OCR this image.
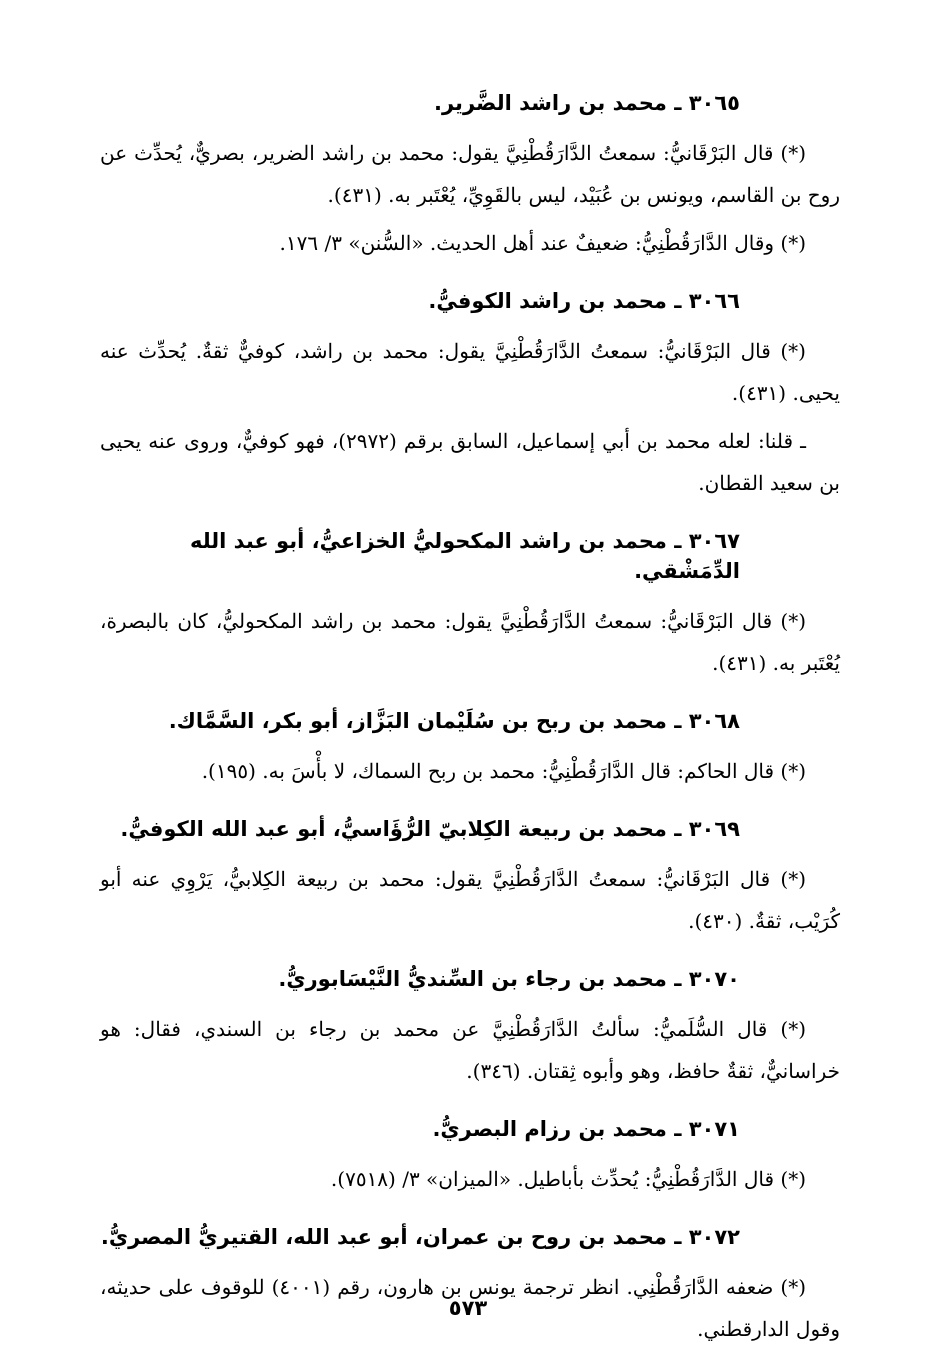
٣٠٦٥ ـ محمد بن راشد الضَّرير.

(*) قال البَرْقَانيُّ: سمعتُ الدَّارَقُطْنِيَّ يقول: محمد بن راشد الضرير، بصريٌّ، يُحدِّث عن روح بن القاسم، ويونس بن عُبَيْد، ليس بالقَوِيِّ، يُعْتَبر به. (٤٣١).

(*) وقال الدَّارَقُطْنِيُّ: ضعيفٌ عند أهل الحديث. «السُّنن» ٣/ ١٧٦.

٣٠٦٦ ـ محمد بن راشد الكوفيُّ.

(*) قال البَرْقَانيُّ: سمعتُ الدَّارَقُطْنِيَّ يقول: محمد بن راشد، كوفيٌّ ثقةٌ. يُحدِّث عنه يحيى. (٤٣١).

ـ قلنا: لعله محمد بن أبي إسماعيل، السابق برقم (٢٩٧٢)، فهو كوفيٌّ، وروى عنه يحيى بن سعيد القطان.

٣٠٦٧ ـ محمد بن راشد المكحوليُّ الخزاعيُّ، أبو عبد الله الدِّمَشْقي.

(*) قال البَرْقَانيُّ: سمعتُ الدَّارَقُطْنِيَّ يقول: محمد بن راشد المكحوليُّ، كان بالبصرة، يُعْتَبر به. (٤٣١).

٣٠٦٨ ـ محمد بن ربح بن سُلَيْمان البَزَّاز، أبو بكر، السَّمَّاك.

(*) قال الحاكم: قال الدَّارَقُطْنِيُّ: محمد بن ربح السماك، لا بأْسَ به. (١٩٥).

٣٠٦٩ ـ محمد بن ربيعة الكِلابيّ الرُّؤَاسيُّ، أبو عبد الله الكوفيُّ.

(*) قال البَرْقَانيُّ: سمعتُ الدَّارَقُطْنِيَّ يقول: محمد بن ربيعة الكِلابيُّ، يَرْوِي عنه أبو كُرَيْب، ثقةٌ. (٤٣٠).

٣٠٧٠ ـ محمد بن رجاء بن السِّنديُّ النَّيْسَابوريُّ.

(*) قال السُّلَميُّ: سألتُ الدَّارَقُطْنِيَّ عن محمد بن رجاء بن السندي، فقال: هو خراسانيٌّ، ثقةٌ حافظ، وهو وأبوه ثِقتان. (٣٤٦).

٣٠٧١ ـ محمد بن رزام البصريُّ.

(*) قال الدَّارَقُطْنِيُّ: يُحدِّث بأباطيل. «الميزان» ٣/ (٧٥١٨).

٣٠٧٢ ـ محمد بن روح بن عمران، أبو عبد الله، القتيريُّ المصريُّ.

(*) ضعفه الدَّارَقُطْنِي. انظر ترجمة يونس بن هارون، رقم (٤٠٠١) للوقوف على حديثه، وقول الدارقطني.

٥٧٣
